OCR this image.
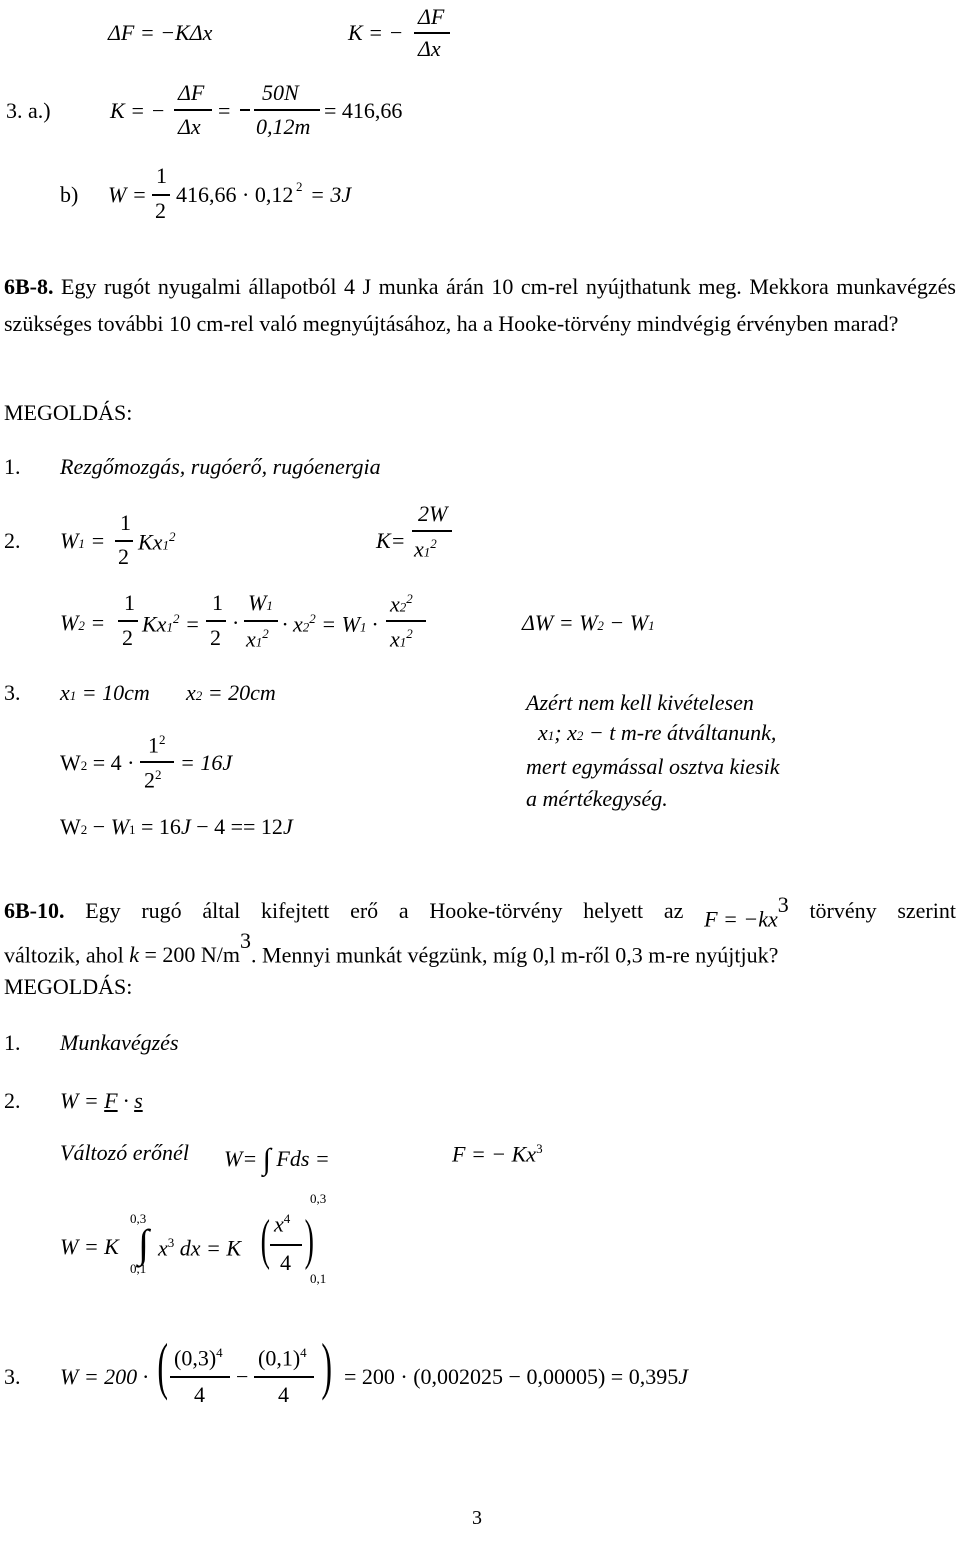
ΔF = −KΔx	K = −
ΔF
Δx
3. a.)	K = −
ΔF
Δx
=
50N
0,12m
= 416,66
b) W =
1
2
416,66 · 0,12 2 = 3J
6B-8. Egy rugót nyugalmi állapotból 4 J munka árán 10 cm-rel nyújthatunk meg. Mekkora munkavégzés szükséges további 10 cm-rel való megnyújtásához, ha a Hooke-törvény mindvégig érvényben marad?
MEGOLDÁS:
1. Rezgőmozgás, rugóerő, rugóenergia
2. W1 =
1
2
$Kx1^2$	K=
2W
$x1^2$
W2 =
1
2
$Kx1^2$ =
1
2
·
W1
$x1^2 \cdot x2^2 = W1$ ·
$x2^2$
$x1^2$	ΔW = W2 − W1
3. x1 = 10cm x2 = 20cm
W2 = 4 ·
$1^2$
$2^2 = 16J$
W2 − W1 = 16J − 4 == 12J
Azért nem kell kivételesen
x1; x2 − t m-re átváltanunk,
mert egymással osztva kiesik
a mértékegység.
6B-10. Egy rugó által kifejtett erő a Hooke-törvény helyett az $F = -kx^3$ törvény szerint
változik, ahol k = 200 $N/m^3$. Mennyi munkát végzünk, míg 0,l m-ről 0,3 m-re nyújtjuk?
MEGOLDÁS:
1. Munkavégzés
2. W = F · s
Változó erőnél W= ∫ Fds =	F = − $Kx^3$
W = K
0,3
∫
0,1
$x^3$ dx = K ( $x^4$
4 )
0,3
0,1
3. W = 200 · ( $(0,3)^4$
4
−
$(0,1)^4$
4 ) = 200 · (0,002025 − 0,00005) = 0,395J
3
